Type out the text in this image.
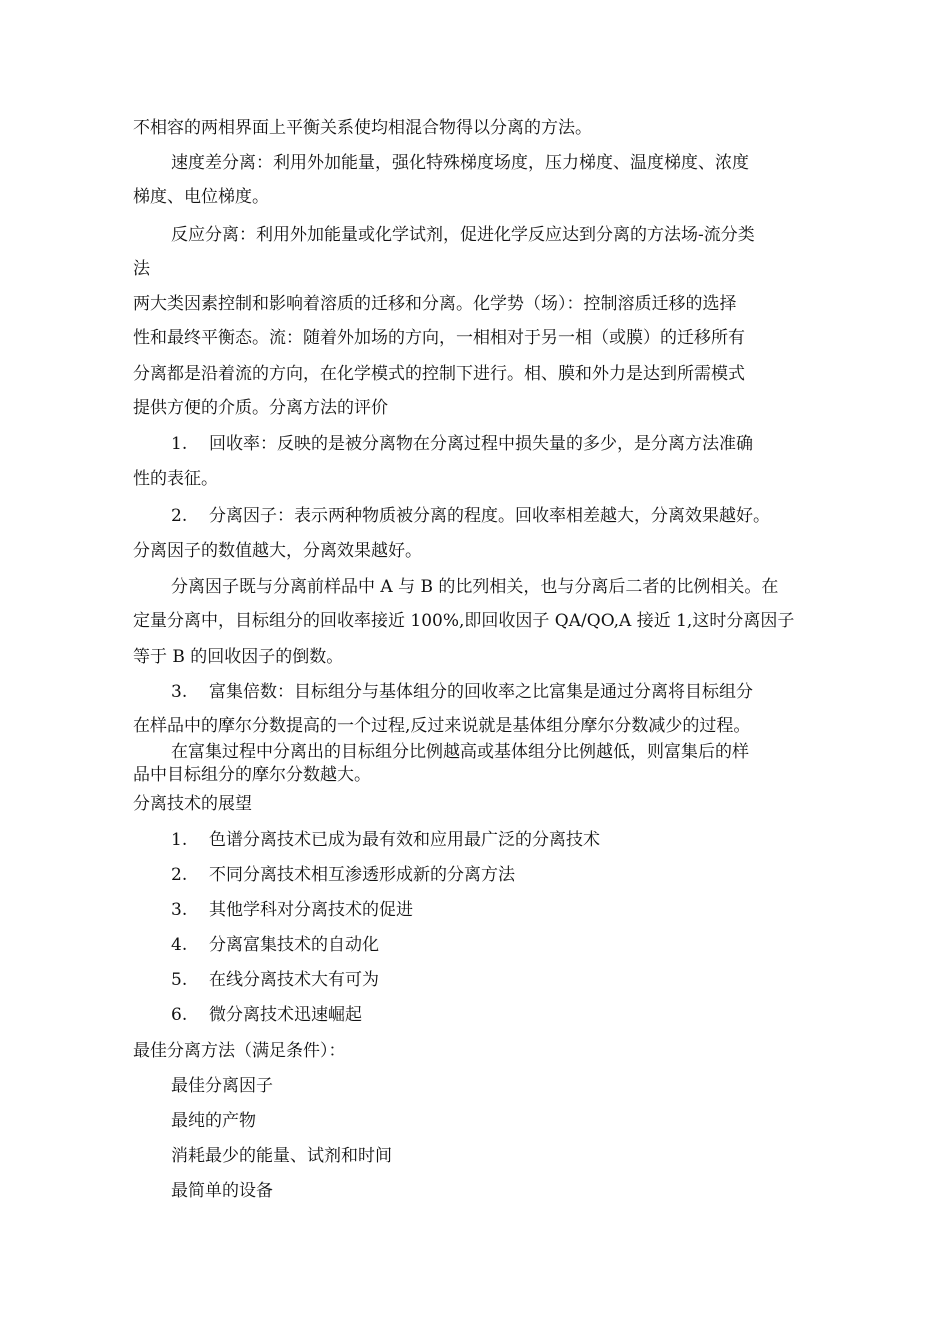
不相容的两相界面上平衡关系使均相混合物得以分离的方法。
速度差分离：利用外加能量，强化特殊梯度场度，压力梯度、温度梯度、浓度
梯度、电位梯度。
反应分离：利用外加能量或化学试剂，促进化学反应达到分离的方法场-流分类
法
两大类因素控制和影响着溶质的迁移和分离。化学势（场）：控制溶质迁移的选择
性和最终平衡态。流：随着外加场的方向，一相相对于另一相（或膜）的迁移所有
分离都是沿着流的方向，在化学模式的控制下进行。相、膜和外力是达到所需模式
提供方便的介质。分离方法的评价
1. 回收率：反映的是被分离物在分离过程中损失量的多少，是分离方法准确
性的表征。
2. 分离因子：表示两种物质被分离的程度。回收率相差越大，分离效果越好。
分离因子的数值越大，分离效果越好。
分离因子既与分离前样品中 A 与 B 的比列相关，也与分离后二者的比例相关。在
定量分离中，目标组分的回收率接近 100%,即回收因子 QA/QO,A 接近 1,这时分离因子
等于 B 的回收因子的倒数。
3. 富集倍数：目标组分与基体组分的回收率之比富集是通过分离将目标组分
在样品中的摩尔分数提高的一个过程,反过来说就是基体组分摩尔分数减少的过程。
在富集过程中分离出的目标组分比例越高或基体组分比例越低，则富集后的样
品中目标组分的摩尔分数越大。
分离技术的展望
1. 色谱分离技术已成为最有效和应用最广泛的分离技术
2. 不同分离技术相互渗透形成新的分离方法
3. 其他学科对分离技术的促进
4. 分离富集技术的自动化
5. 在线分离技术大有可为
6. 微分离技术迅速崛起
最佳分离方法（满足条件）：
最佳分离因子
最纯的产物
消耗最少的能量、试剂和时间
最简单的设备
